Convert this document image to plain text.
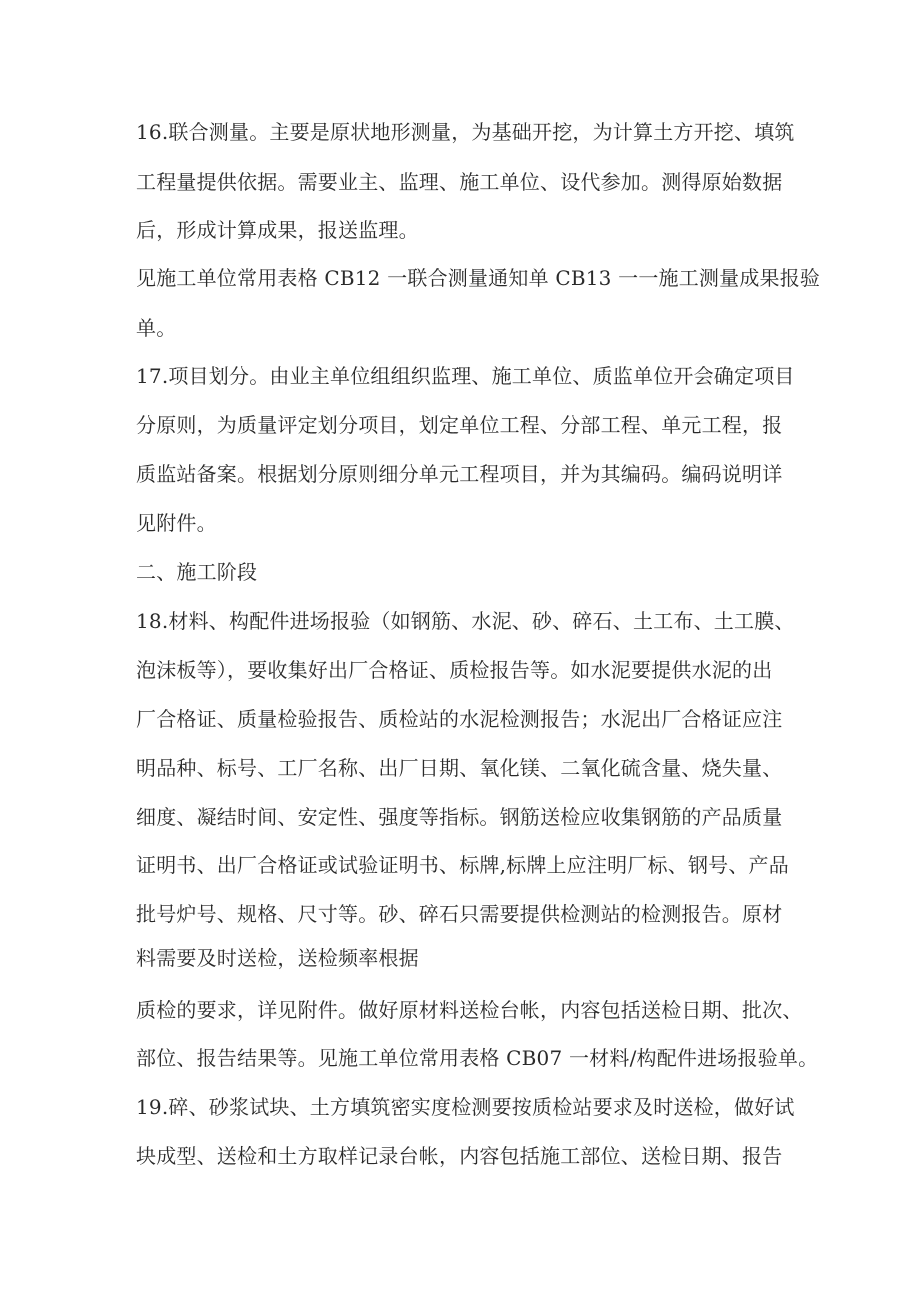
16.联合测量。主要是原状地形测量，为基础开挖，为计算土方开挖、填筑
工程量提供依据。需要业主、监理、施工单位、设代参加。测得原始数据
后，形成计算成果，报送监理。
见施工单位常用表格 CB12 一联合测量通知单 CB13 一一施工测量成果报验
单。
17.项目划分。由业主单位组组织监理、施工单位、质监单位开会确定项目
分原则，为质量评定划分项目，划定单位工程、分部工程、单元工程，报
质监站备案。根据划分原则细分单元工程项目，并为其编码。编码说明详
见附件。
二、施工阶段
18.材料、构配件进场报验（如钢筋、水泥、砂、碎石、土工布、土工膜、
泡沫板等），要收集好出厂合格证、质检报告等。如水泥要提供水泥的出
厂合格证、质量检验报告、质检站的水泥检测报告；水泥出厂合格证应注
明品种、标号、工厂名称、出厂日期、氧化镁、二氧化硫含量、烧失量、
细度、凝结时间、安定性、强度等指标。钢筋送检应收集钢筋的产品质量
证明书、出厂合格证或试验证明书、标牌,标牌上应注明厂标、钢号、产品
批号炉号、规格、尺寸等。砂、碎石只需要提供检测站的检测报告。原材
料需要及时送检，送检频率根据
质检的要求，详见附件。做好原材料送检台帐，内容包括送检日期、批次、
部位、报告结果等。见施工单位常用表格 CB07 一材料/构配件进场报验单。
19.碎、砂浆试块、土方填筑密实度检测要按质检站要求及时送检，做好试
块成型、送检和土方取样记录台帐，内容包括施工部位、送检日期、报告
